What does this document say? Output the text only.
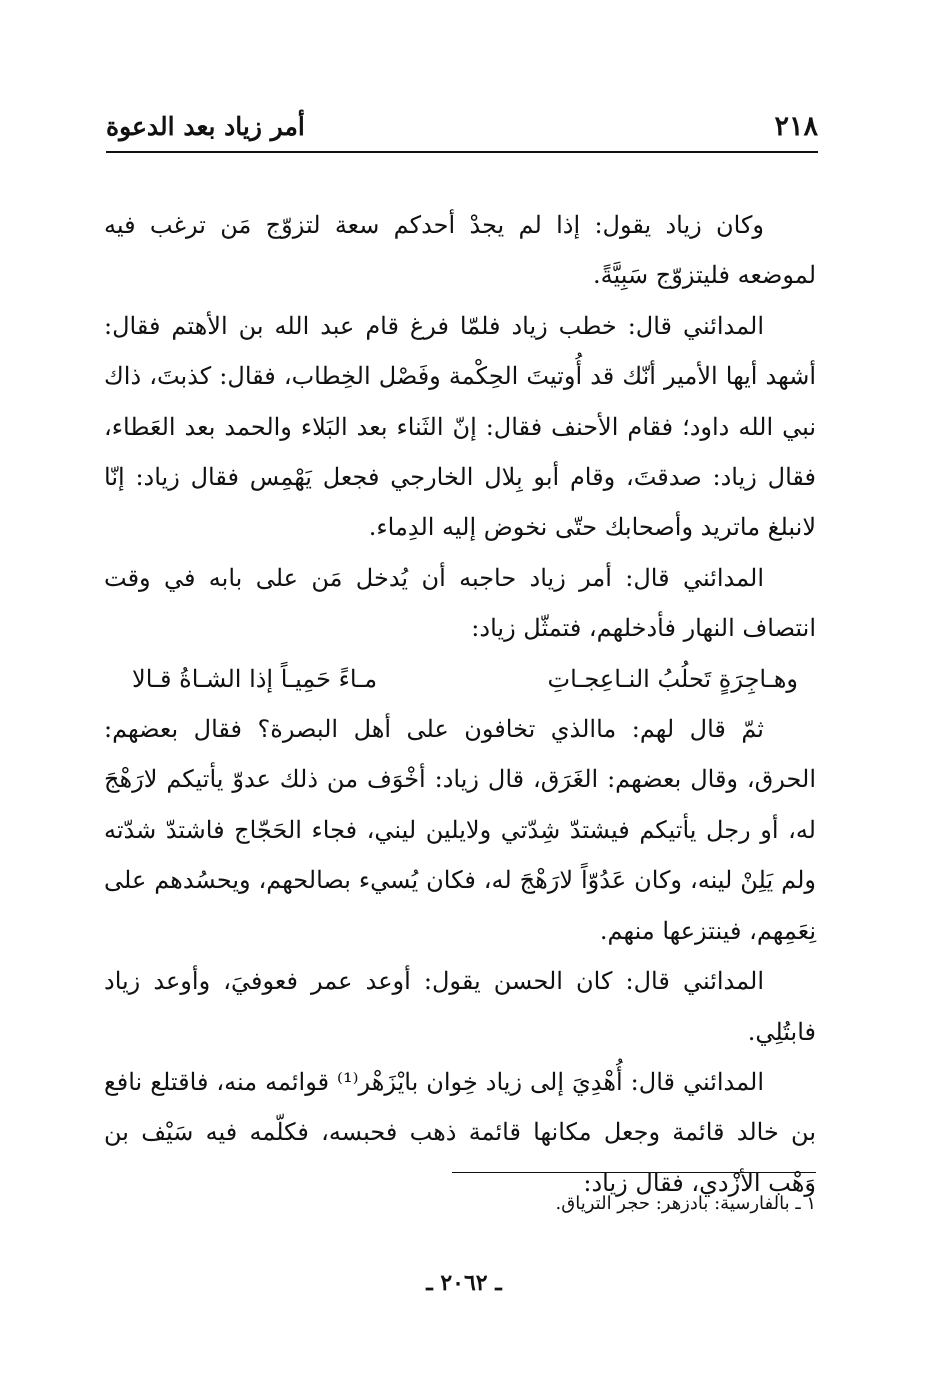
٢١٨
أمر زياد بعد الدعوة

وكان زياد يقول: إذا لم يجدْ أحدكم سعة لتزوّج مَن ترغب فيه لموضعه فليتزوّج سَبِيَّةً.

المدائني قال: خطب زياد فلمّا فرغ قام عبد الله بن الأهتم فقال: أشهد أيها الأمير أنّك قد أُوتيتَ الحِكْمة وفَصْل الخِطاب، فقال: كذبتَ، ذاك نبي الله داود؛ فقام الأحنف فقال: إنّ الثَناء بعد البَلاء والحمد بعد العَطاء، فقال زياد: صدقتَ، وقام أبو بِلال الخارجي فجعل يَهْمِس فقال زياد: إنّا لانبلغ ماتريد وأصحابك حتّى نخوض إليه الدِماء.

المدائني قال: أمر زياد حاجبه أن يُدخل مَن على بابه في وقت انتصاف النهار فأدخلهم، فتمثّل زياد:

وهـاجِرَةٍ تَحلُبُ النـاعِجـاتِ
مـاءً حَمِيـاً إذا الشـاةُ قـالا

ثمّ قال لهم: ماالذي تخافون على أهل البصرة؟ فقال بعضهم: الحرق، وقال بعضهم: الغَرَق، قال زياد: أخْوَف من ذلك عدوّ يأتيكم لارَهْجَ له، أو رجل يأتيكم فيشتدّ شِدّتي ولايلين ليني، فجاء الحَجّاج فاشتدّ شدّته ولم يَلِنْ لينه، وكان عَدُوّاً لارَهْجَ له، فكان يُسيء بصالحهم، ويحسُدهم على نِعَمِهم، فينتزعها منهم.

المدائني قال: كان الحسن يقول: أوعد عمر فعوفيَ، وأوعد زياد فابتُلِي.

المدائني قال: أُهْدِيَ إلى زياد خِوان بايْزَهْر⁽¹⁾ قوائمه منه، فاقتلع نافع بن خالد قائمة وجعل مكانها قائمة ذهب فحبسه، فكلّمه فيه سَيْف بن وَهْب الأزْدي، فقال زياد:

١ ـ بالفارسية: بادزهر: حجر الترياق.
ـ ٢٠٦٢ ـ
